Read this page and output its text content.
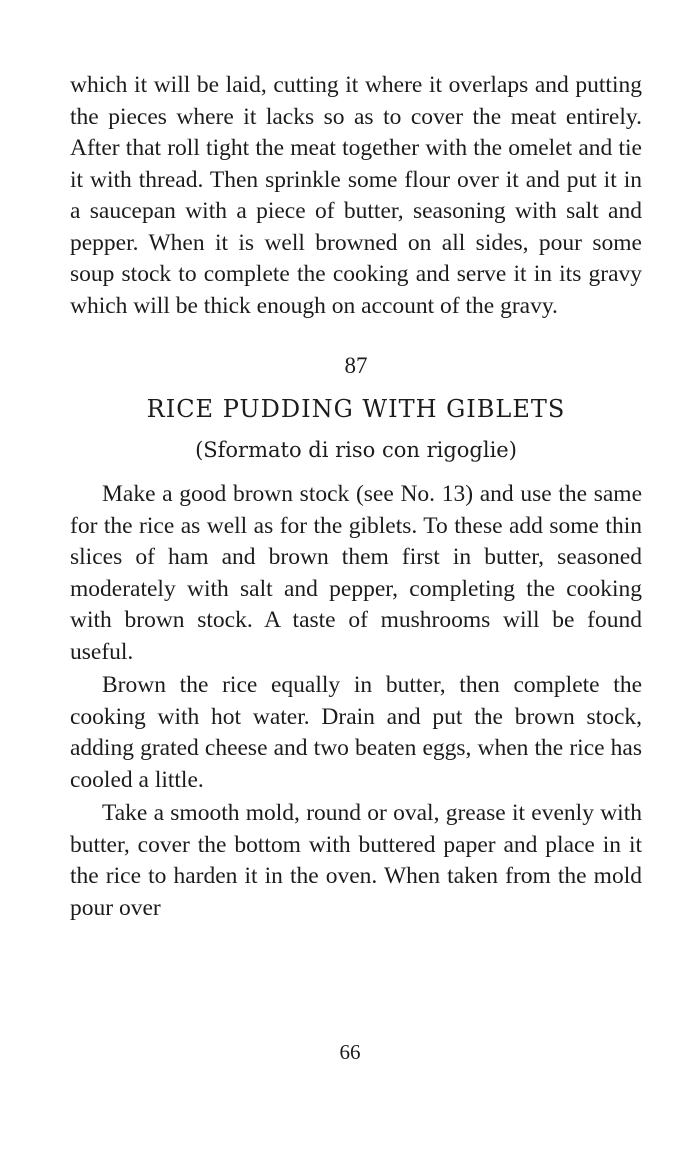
which it will be laid, cutting it where it overlaps and putting the pieces where it lacks so as to cover the meat entirely. After that roll tight the meat together with the omelet and tie it with thread. Then sprinkle some flour over it and put it in a saucepan with a piece of butter, seasoning with salt and pepper. When it is well browned on all sides, pour some soup stock to complete the cooking and serve it in its gravy which will be thick enough on account of the gravy.

87
RICE PUDDING WITH GIBLETS
(Sformato di riso con rigoglie)

Make a good brown stock (see No. 13) and use the same for the rice as well as for the giblets. To these add some thin slices of ham and brown them first in butter, seasoned moderately with salt and pepper, completing the cooking with brown stock. A taste of mushrooms will be found useful.

Brown the rice equally in butter, then complete the cooking with hot water. Drain and put the brown stock, adding grated cheese and two beaten eggs, when the rice has cooled a little.

Take a smooth mold, round or oval, grease it evenly with butter, cover the bottom with buttered paper and place in it the rice to harden it in the oven. When taken from the mold pour over

66
